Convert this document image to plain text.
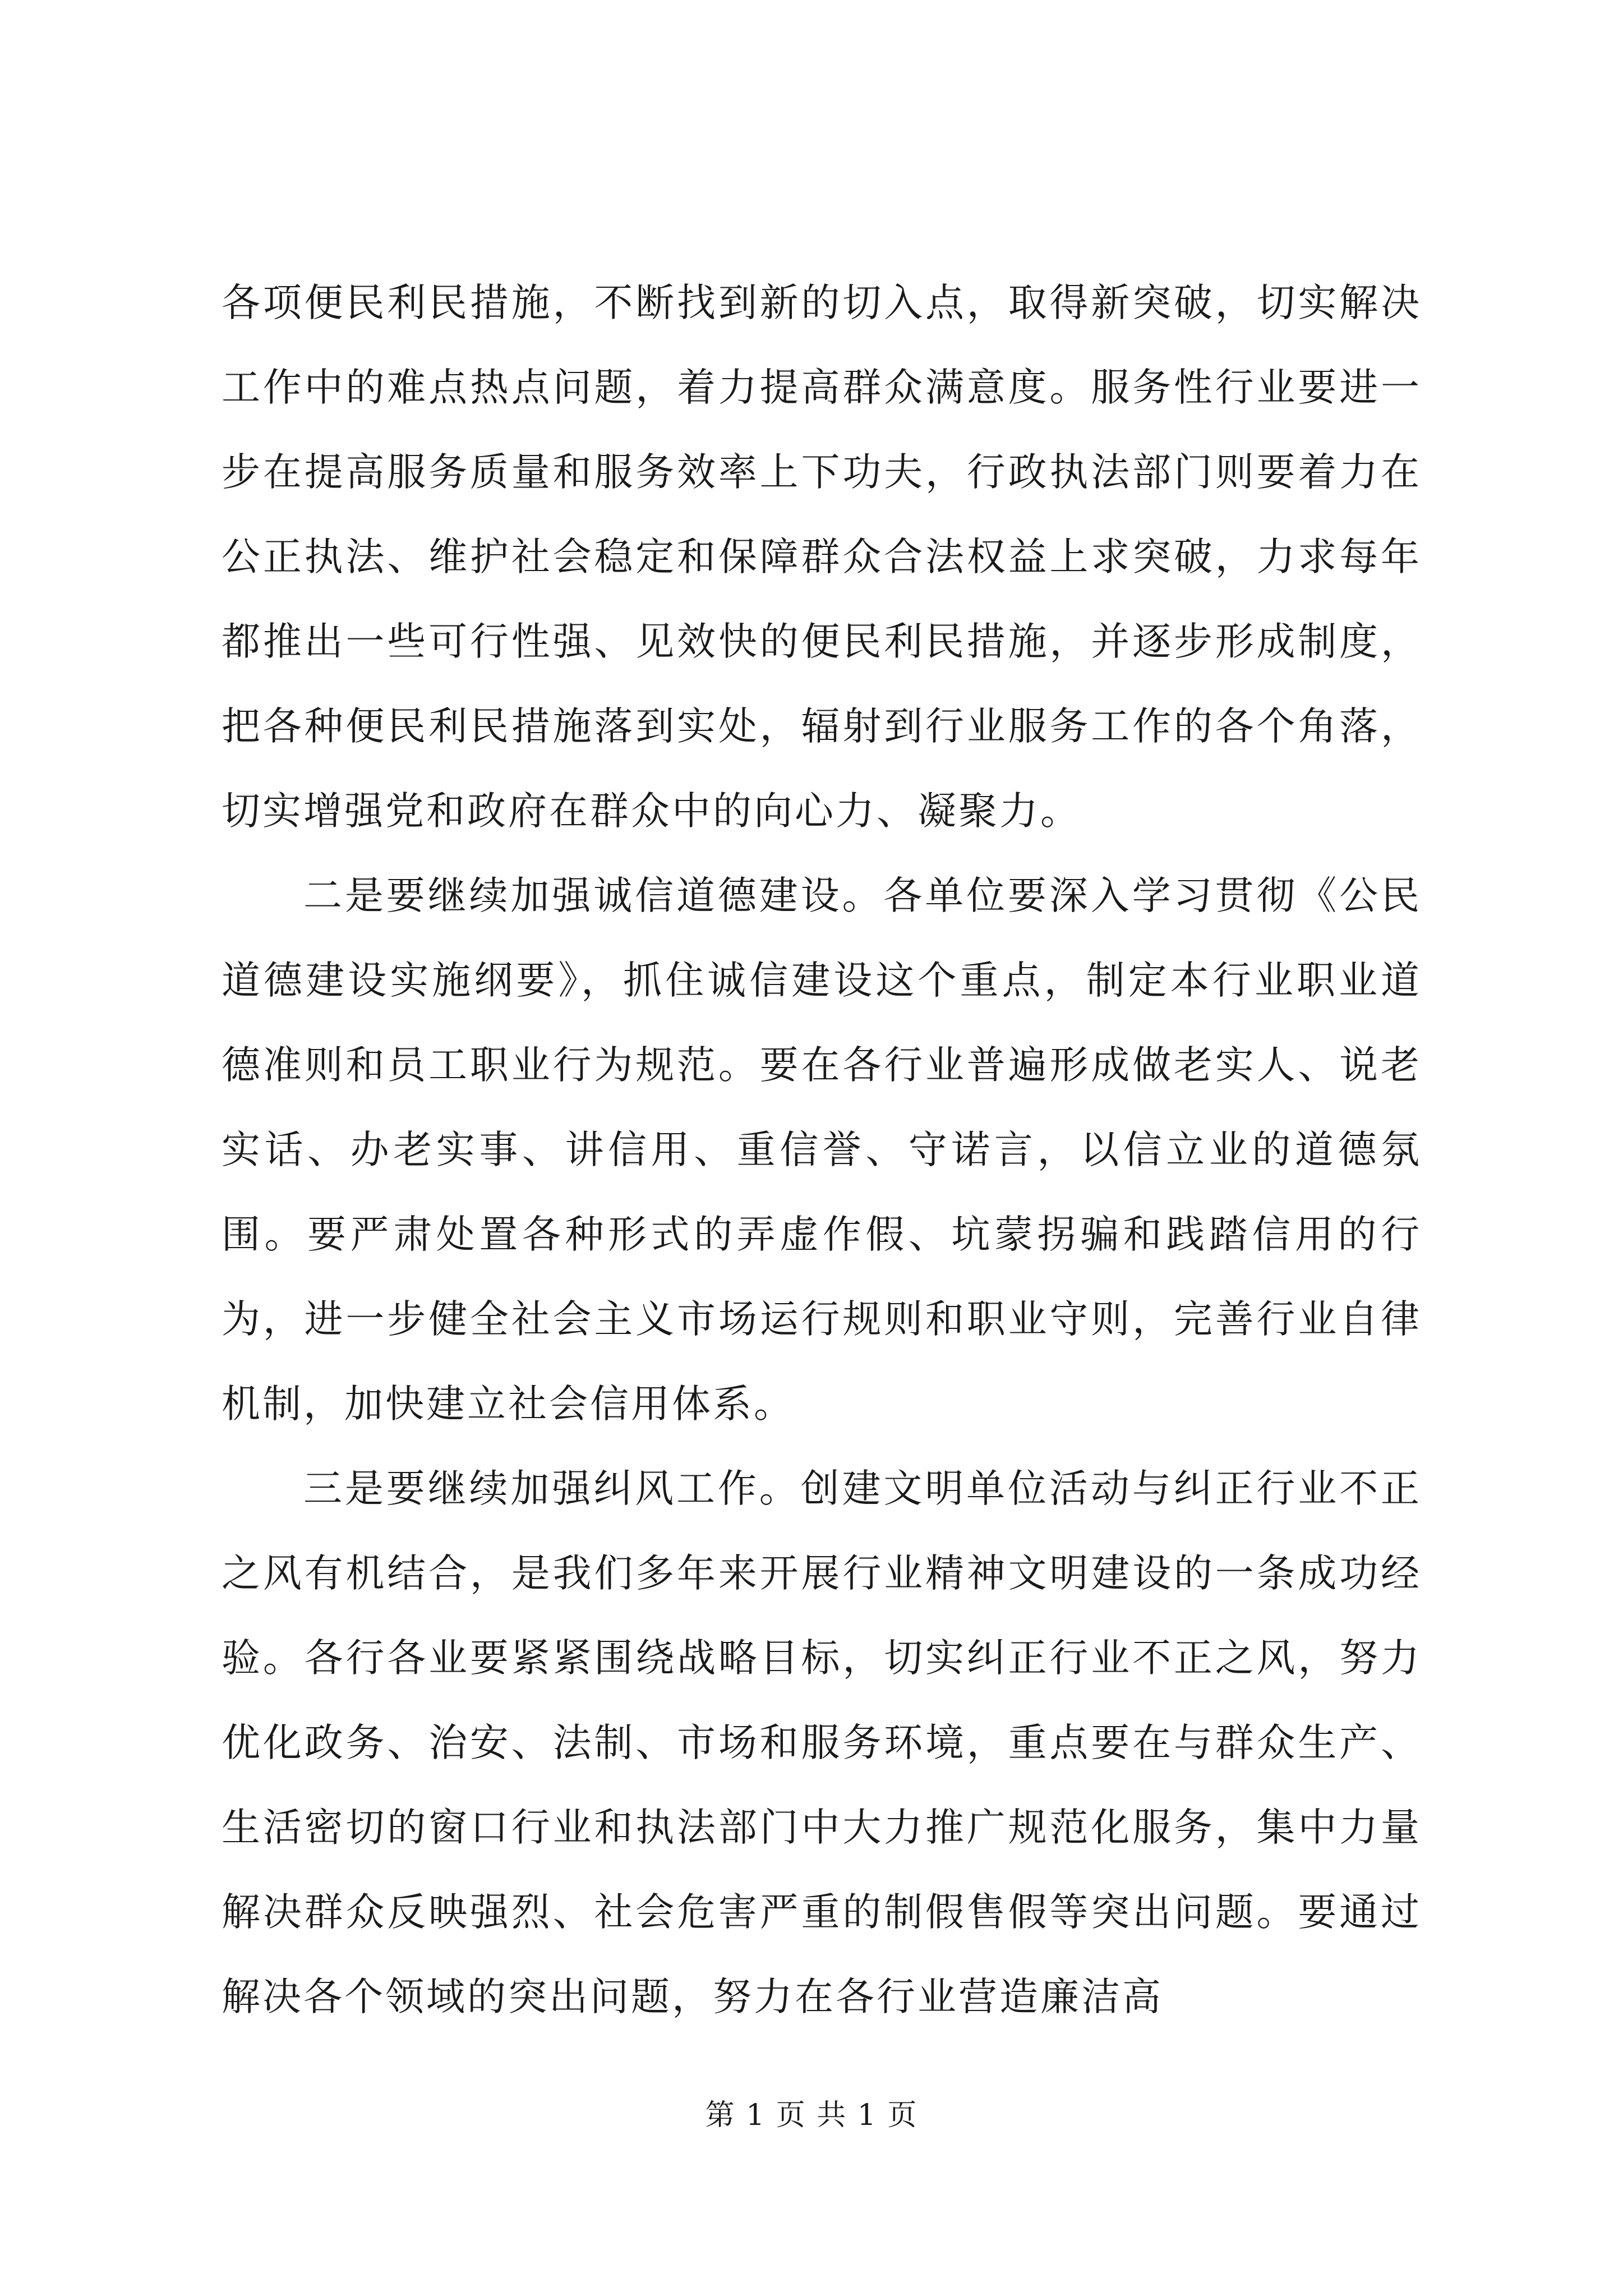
各项便民利民措施，不断找到新的切入点，取得新突破，切实解决工作中的难点热点问题，着力提高群众满意度。服务性行业要进一步在提高服务质量和服务效率上下功夫，行政执法部门则要着力在公正执法、维护社会稳定和保障群众合法权益上求突破，力求每年都推出一些可行性强、见效快的便民利民措施，并逐步形成制度，把各种便民利民措施落到实处，辐射到行业服务工作的各个角落，切实增强党和政府在群众中的向心力、凝聚力。

二是要继续加强诚信道德建设。各单位要深入学习贯彻《公民道德建设实施纲要》，抓住诚信建设这个重点，制定本行业职业道德准则和员工职业行为规范。要在各行业普遍形成做老实人、说老实话、办老实事、讲信用、重信誉、守诺言，以信立业的道德氛围。要严肃处置各种形式的弄虚作假、坑蒙拐骗和践踏信用的行为，进一步健全社会主义市场运行规则和职业守则，完善行业自律机制，加快建立社会信用体系。

三是要继续加强纠风工作。创建文明单位活动与纠正行业不正之风有机结合，是我们多年来开展行业精神文明建设的一条成功经验。各行各业要紧紧围绕战略目标，切实纠正行业不正之风，努力优化政务、治安、法制、市场和服务环境，重点要在与群众生产、生活密切的窗口行业和执法部门中大力推广规范化服务，集中力量解决群众反映强烈、社会危害严重的制假售假等突出问题。要通过解决各个领域的突出问题，努力在各行业营造廉洁高

第 1 页 共 1 页
